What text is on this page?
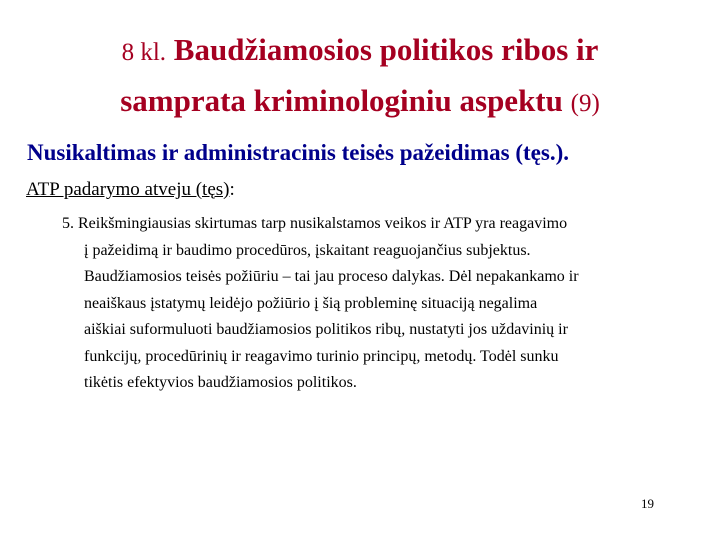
8 kl. Baudžiamosios politikos ribos ir
samprata kriminologiniu aspektu (9)
Nusikaltimas ir administracinis teisės pažeidimas (tęs.).
ATP padarymo atveju (tęs):
5. Reikšmingiausias skirtumas tarp nusikalstamos veikos ir ATP yra reagavimo
į pažeidimą ir baudimo procedūros, įskaitant reaguojančius subjektus.
Baudžiamosios teisės požiūriu – tai jau proceso dalykas. Dėl nepakankamo ir
neaiškaus įstatymų leidėjo požiūrio į šią probleminę situaciją negalima
aiškiai suformuluoti baudžiamosios politikos ribų, nustatyti jos uždavinių ir
funkcijų, procedūrinių ir reagavimo turinio principų, metodų. Todėl sunku
tikėtis efektyvios baudžiamosios politikos.
19
